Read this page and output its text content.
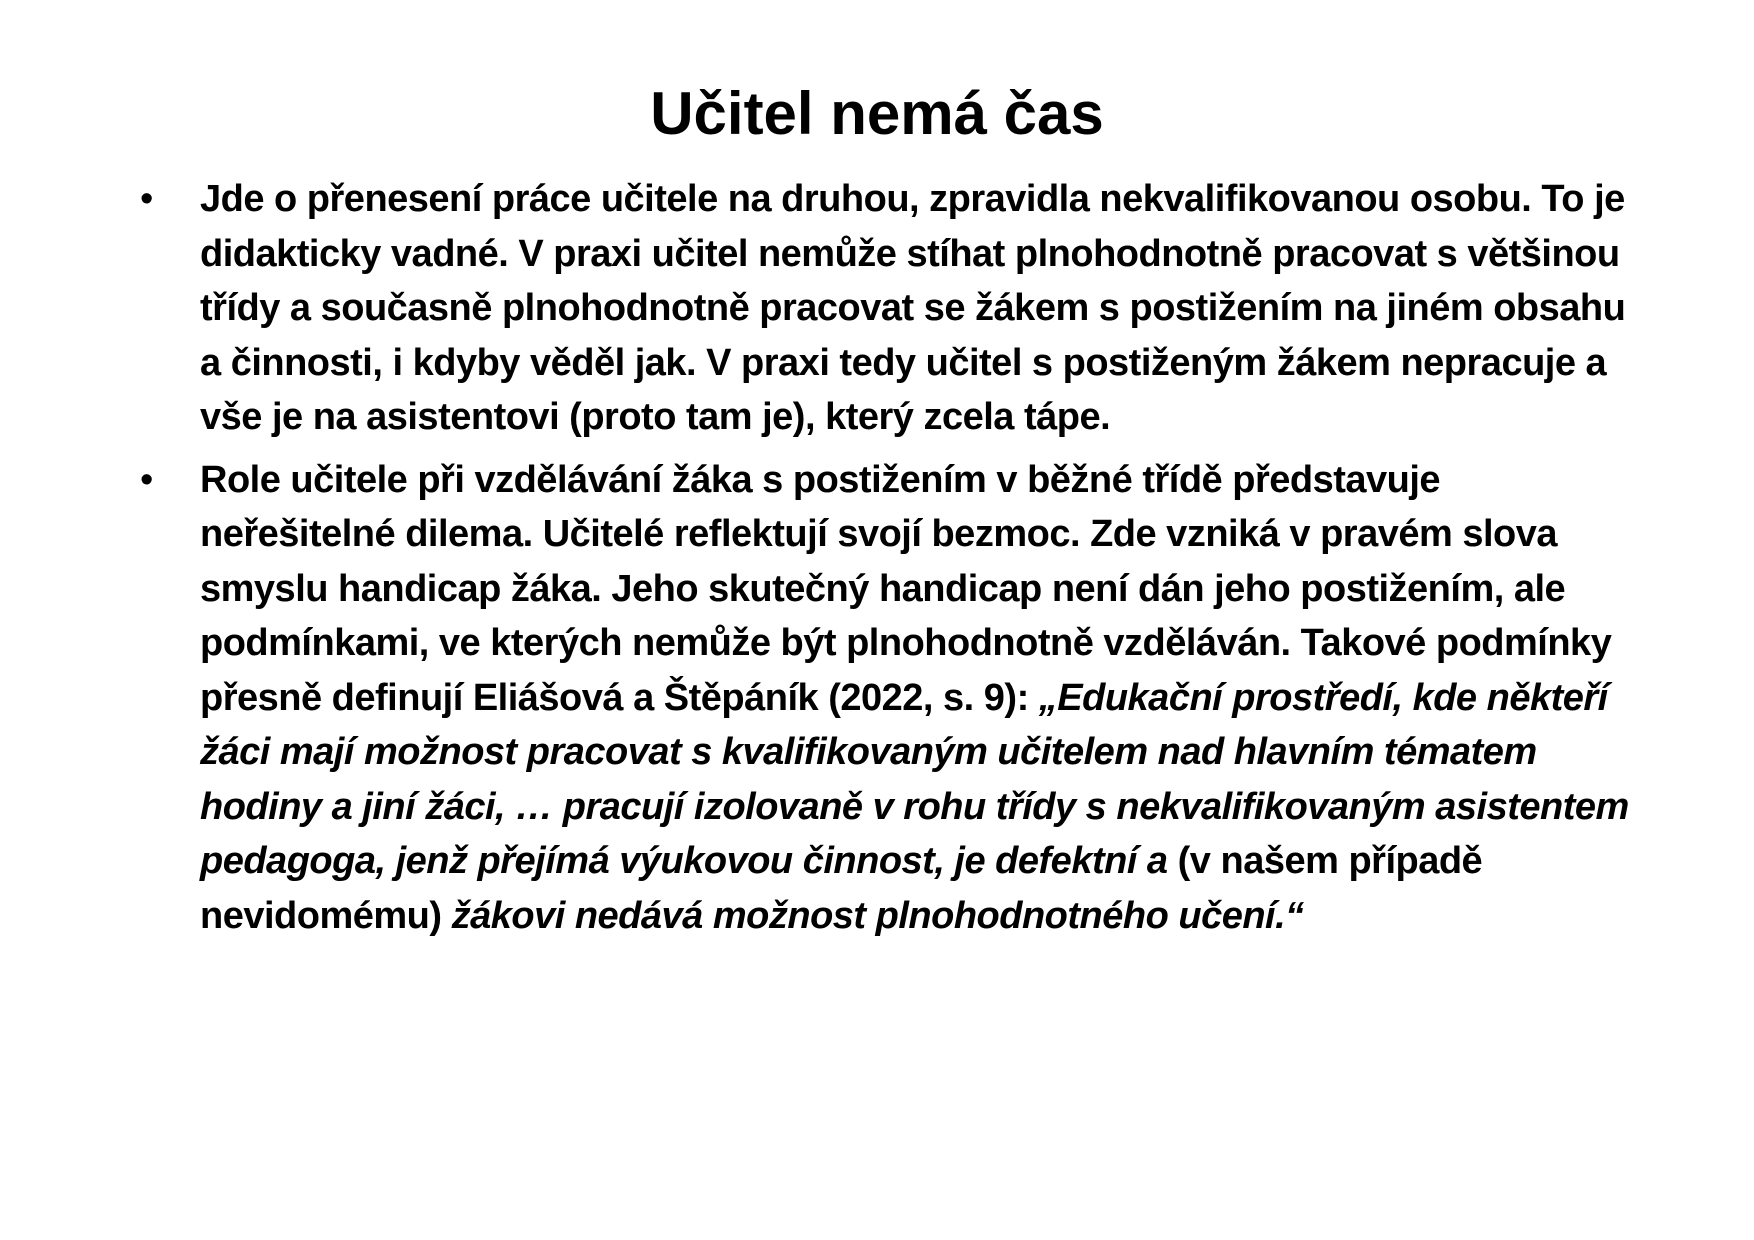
Učitel nemá čas
•	Jde o přenesení práce učitele na druhou, zpravidla nekvalifikovanou osobu. To je didakticky vadné. V praxi učitel nemůže stíhat plnohodnotně pracovat s většinou třídy a současně plnohodnotně pracovat se žákem s postižením na jiném obsahu a činnosti, i kdyby věděl jak. V praxi tedy učitel s postiženým žákem nepracuje a vše je na asistentovi (proto tam je), který zcela tápe.
•	Role učitele při vzdělávání žáka s postižením v běžné třídě představuje neřešitelné dilema. Učitelé reflektují svojí bezmoc. Zde vzniká v pravém slova smyslu handicap žáka. Jeho skutečný handicap není dán jeho postižením, ale podmínkami, ve kterých nemůže být plnohodnotně vzděláván. Takové podmínky přesně definují Eliášová a Štěpáník (2022, s. 9): „Edukační prostředí, kde někteří žáci mají možnost pracovat s kvalifikovaným učitelem nad hlavním tématem hodiny a jiní žáci, … pracují izolovaně v rohu třídy s nekvalifikovaným asistentem pedagoga, jenž přejímá výukovou činnost, je defektní a (v našem případě nevidomému) žákovi nedává možnost plnohodnotného učení.“
